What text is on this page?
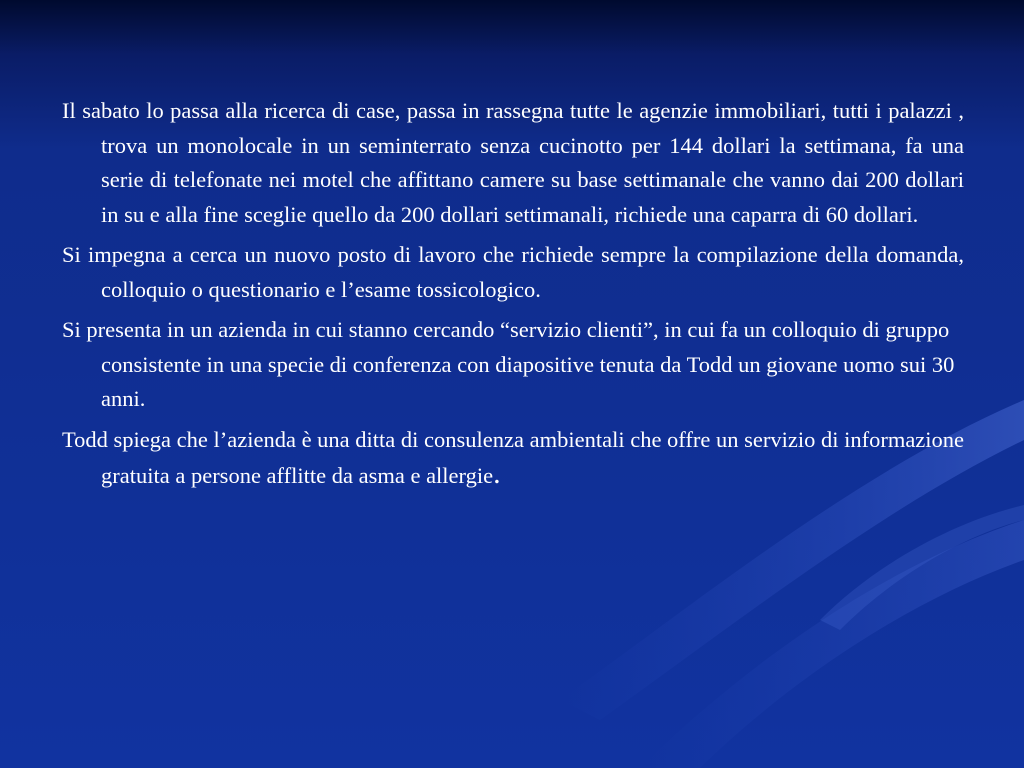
Il sabato lo passa alla ricerca di case, passa in rassegna tutte le agenzie immobiliari, tutti i palazzi , trova un monolocale in un seminterrato senza cucinotto per 144 dollari la settimana, fa una serie di telefonate nei motel che affittano camere su base settimanale che vanno dai 200 dollari in su e alla fine sceglie quello da 200 dollari settimanali, richiede una caparra di 60 dollari.

Si impegna a cerca un nuovo posto di lavoro che richiede sempre la compilazione della domanda, colloquio o questionario e l’esame tossicologico.

Si presenta in un azienda in cui stanno cercando “servizio clienti”, in cui fa un colloquio di gruppo consistente in una specie di conferenza con diapositive tenuta da Todd un giovane uomo sui 30 anni.

Todd spiega che l’azienda è una ditta di consulenza ambientali che offre un servizio di informazione gratuita a persone afflitte da asma e allergie.
